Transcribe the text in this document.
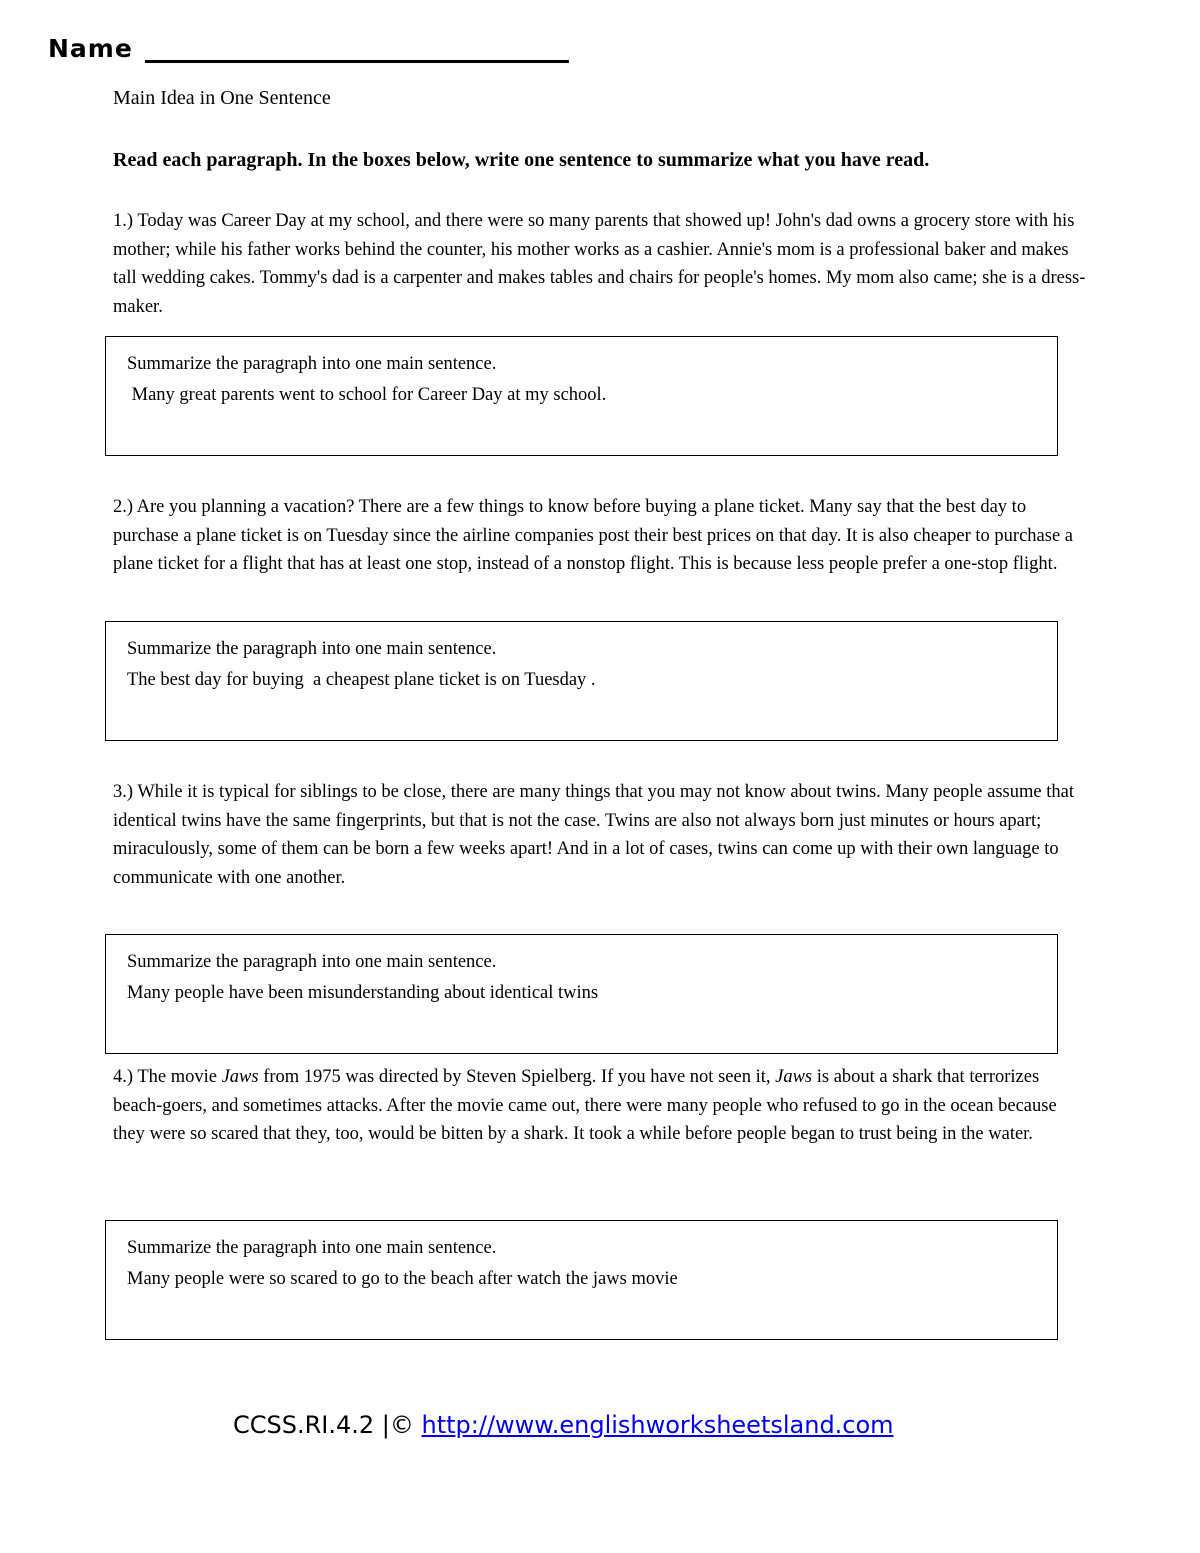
Name
Main Idea in One Sentence
Read each paragraph. In the boxes below, write one sentence to summarize what you have read.
1.) Today was Career Day at my school, and there were so many parents that showed up! John's dad owns a grocery store with his mother; while his father works behind the counter, his mother works as a cashier. Annie's mom is a professional baker and makes tall wedding cakes. Tommy's dad is a carpenter and makes tables and chairs for people's homes. My mom also came; she is a dress-maker.
Summarize the paragraph into one main sentence.
Many great parents went to school for Career Day at my school.
2.) Are you planning a vacation? There are a few things to know before buying a plane ticket. Many say that the best day to purchase a plane ticket is on Tuesday since the airline companies post their best prices on that day. It is also cheaper to purchase a plane ticket for a flight that has at least one stop, instead of a nonstop flight. This is because less people prefer a one-stop flight.
Summarize the paragraph into one main sentence.
The best day for buying  a cheapest plane ticket is on Tuesday .
3.) While it is typical for siblings to be close, there are many things that you may not know about twins. Many people assume that identical twins have the same fingerprints, but that is not the case. Twins are also not always born just minutes or hours apart; miraculously, some of them can be born a few weeks apart! And in a lot of cases, twins can come up with their own language to communicate with one another.
Summarize the paragraph into one main sentence.
Many people have been misunderstanding about identical twins
4.) The movie Jaws from 1975 was directed by Steven Spielberg. If you have not seen it, Jaws is about a shark that terrorizes beach-goers, and sometimes attacks. After the movie came out, there were many people who refused to go in the ocean because they were so scared that they, too, would be bitten by a shark. It took a while before people began to trust being in the water.
Summarize the paragraph into one main sentence.
Many people were so scared to go to the beach after watch the jaws movie
CCSS.RI.4.2 |© http://www.englishworksheetsland.com
